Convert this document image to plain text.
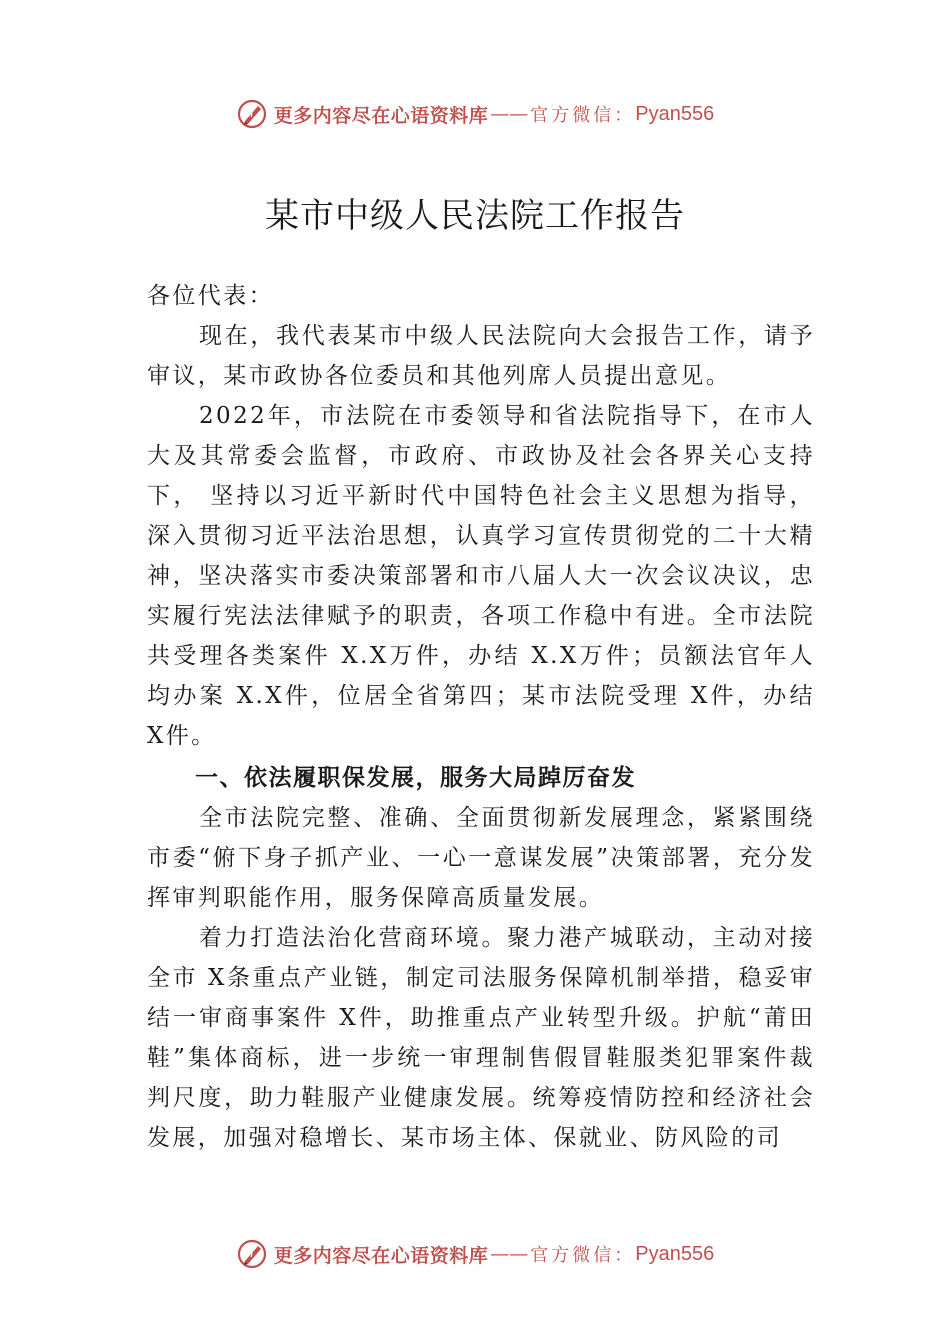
更多内容尽在心语资料库 —— 官方微信： Pyan556
某市中级人民法院工作报告

各位代表：

现在，我代表某市中级人民法院向大会报告工作，请予审议，某市政协各位委员和其他列席人员提出意见。

2022年，市法院在市委领导和省法院指导下，在市人大及其常委会监督，市政府、市政协及社会各界关心支持下， 坚持以习近平新时代中国特色社会主义思想为指导，深入贯彻习近平法治思想，认真学习宣传贯彻党的二十大精神，坚决落实市委决策部署和市八届人大一次会议决议，忠实履行宪法法律赋予的职责，各项工作稳中有进。全市法院共受理各类案件 X.X万件，办结 X.X万件；员额法官年人均办案 X.X件，位居全省第四；某市法院受理 X件，办结 X件。

一、依法履职保发展，服务大局踔厉奋发

全市法院完整、准确、全面贯彻新发展理念，紧紧围绕市委“俯下身子抓产业、一心一意谋发展”决策部署，充分发挥审判职能作用，服务保障高质量发展。

着力打造法治化营商环境。聚力港产城联动，主动对接全市 X条重点产业链，制定司法服务保障机制举措，稳妥审结一审商事案件 X件，助推重点产业转型升级。护航“莆田鞋”集体商标，进一步统一审理制售假冒鞋服类犯罪案件裁判尺度，助力鞋服产业健康发展。统筹疫情防控和经济社会发展，加强对稳增长、某市场主体、保就业、防风险的司

更多内容尽在心语资料库 —— 官方微信： Pyan556
